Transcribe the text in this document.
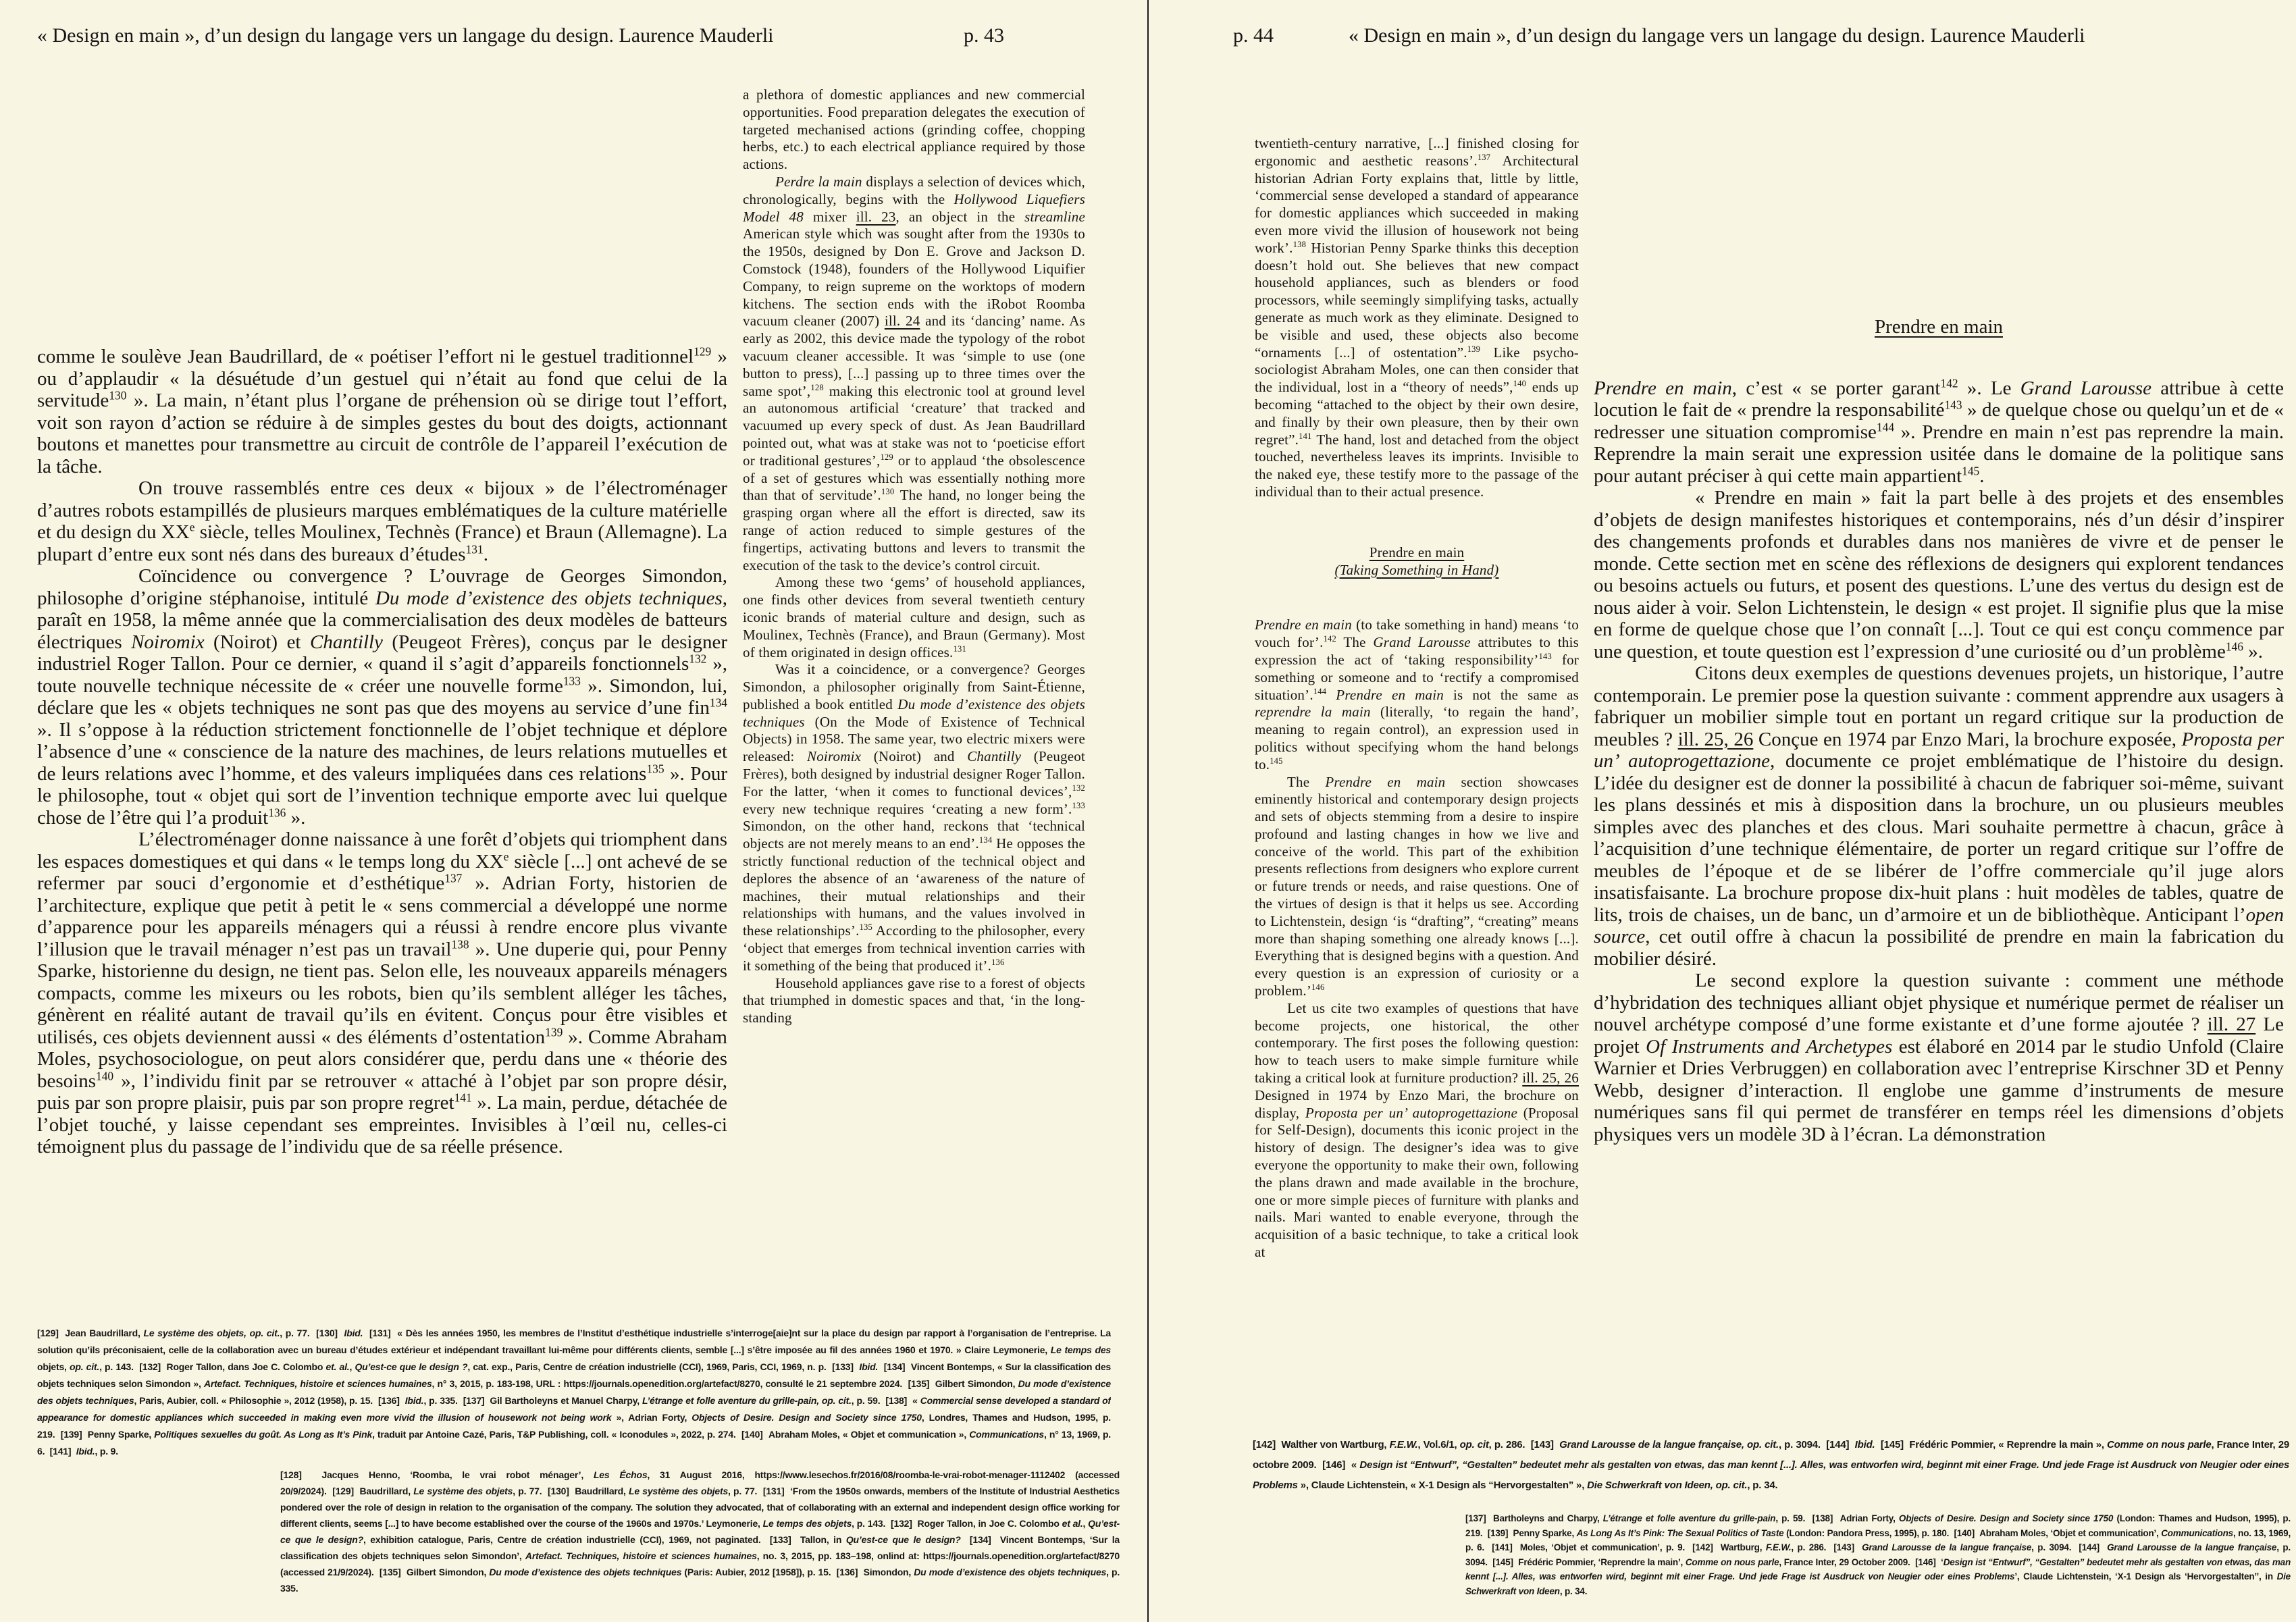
« Design en main », d’un design du langage vers un langage du design. Laurence Mauderli	p. 43

comme le soulève Jean Baudrillard, de « poétiser l’effort ni le gestuel traditionnel$^{129}$ » ou d’applaudir « la désuétude d’un gestuel qui n’était au fond que celui de la servitude$^{130}$ ». La main, n’étant plus l’organe de préhension où se dirige tout l’effort, voit son rayon d’action se réduire à de simples gestes du bout des doigts, actionnant boutons et manettes pour transmettre au circuit de contrôle de l’appareil l’exécution de la tâche.

On trouve rassemblés entre ces deux « bijoux » de l’électroménager d’autres robots estampillés de plusieurs marques emblématiques de la culture matérielle et du design du XXe siècle, telles Moulinex, Technès (France) et Braun (Allemagne). La plupart d’entre eux sont nés dans des bureaux d’études$^{131}$.

Coïncidence ou convergence ? L’ouvrage de Georges Simondon, philosophe d’origine stéphanoise, intitulé Du mode d’existence des objets techniques, paraît en 1958, la même année que la commercialisation des deux modèles de batteurs électriques Noiromix (Noirot) et Chantilly (Peugeot Frères), conçus par le designer industriel Roger Tallon. Pour ce dernier, « quand il s’agit d’appareils fonctionnels$^{132}$ », toute nouvelle technique nécessite de « créer une nouvelle forme$^{133}$ ». Simondon, lui, déclare que les « objets techniques ne sont pas que des moyens au service d’une fin$^{134}$ ». Il s’oppose à la réduction strictement fonctionnelle de l’objet technique et déplore l’absence d’une « conscience de la nature des machines, de leurs relations mutuelles et de leurs relations avec l’homme, et des valeurs impliquées dans ces relations$^{135}$ ». Pour le philosophe, tout « objet qui sort de l’invention technique emporte avec lui quelque chose de l’être qui l’a produit$^{136}$ ».

L’électroménager donne naissance à une forêt d’objets qui triomphent dans les espaces domestiques et qui dans « le temps long du XXe siècle [...] ont achevé de se refermer par souci d’ergonomie et d’esthétique$^{137}$ ». Adrian Forty, historien de l’architecture, explique que petit à petit le « sens commercial a développé une norme d’apparence pour les appareils ménagers qui a réussi à rendre encore plus vivante l’illusion que le travail ménager n’est pas un travail$^{138}$ ». Une duperie qui, pour Penny Sparke, historienne du design, ne tient pas. Selon elle, les nouveaux appareils ménagers compacts, comme les mixeurs ou les robots, bien qu’ils semblent alléger les tâches, génèrent en réalité autant de travail qu’ils en évitent. Conçus pour être visibles et utilisés, ces objets deviennent aussi « des éléments d’ostentation$^{139}$ ». Comme Abraham Moles, psychosociologue, on peut alors considérer que, perdu dans une « théorie des besoins$^{140}$ », l’individu finit par se retrouver « attaché à l’objet par son propre désir, puis par son propre plaisir, puis par son propre regret$^{141}$ ». La main, perdue, détachée de l’objet touché, y laisse cependant ses empreintes. Invisibles à l’œil nu, celles-ci témoignent plus du passage de l’individu que de sa réelle présence.

a plethora of domestic appliances and new commercial opportunities. Food preparation delegates the execution of targeted mechanised actions (grinding coffee, chopping herbs, etc.) to each electrical appliance required by those actions.

Perdre la main displays a selection of devices which, chronologically, begins with the Hollywood Liquefiers Model 48 mixer ill. 23, an object in the streamline American style which was sought after from the 1930s to the 1950s, designed by Don E. Grove and Jackson D. Comstock (1948), founders of the Hollywood Liquifier Company, to reign supreme on the worktops of modern kitchens. The section ends with the iRobot Roomba vacuum cleaner (2007) ill. 24 and its ‘dancing’ name. As early as 2002, this device made the typology of the robot vacuum cleaner accessible. It was ‘simple to use (one button to press), [...] passing up to three times over the same spot’,$^{128}$ making this electronic tool at ground level an autonomous artificial ‘creature’ that tracked and vacuumed up every speck of dust. As Jean Baudrillard pointed out, what was at stake was not to ‘poeticise effort or traditional gestures’,$^{129}$ or to applaud ‘the obsolescence of a set of gestures which was essentially nothing more than that of servitude’.$^{130}$ The hand, no longer being the grasping organ where all the effort is directed, saw its range of action reduced to simple gestures of the fingertips, activating buttons and levers to transmit the execution of the task to the device’s control circuit.

Among these two ‘gems’ of household appliances, one finds other devices from several twentieth century iconic brands of material culture and design, such as Moulinex, Technès (France), and Braun (Germany). Most of them originated in design offices.$^{131}$

Was it a coincidence, or a convergence? Georges Simondon, a philosopher originally from Saint-Étienne, published a book entitled Du mode d’existence des objets techniques (On the Mode of Existence of Technical Objects) in 1958. The same year, two electric mixers were released: Noiromix (Noirot) and Chantilly (Peugeot Frères), both designed by industrial designer Roger Tallon. For the latter, ‘when it comes to functional devices’,$^{132}$ every new technique requires ‘creating a new form’.$^{133}$ Simondon, on the other hand, reckons that ‘technical objects are not merely means to an end’.$^{134}$ He opposes the strictly functional reduction of the technical object and deplores the absence of an ‘awareness of the nature of machines, their mutual relationships and their relationships with humans, and the values involved in these relationships’.$^{135}$ According to the philosopher, every ‘object that emerges from technical invention carries with it something of the being that produced it’.$^{136}$

Household appliances gave rise to a forest of objects that triumphed in domestic spaces and that, ‘in the long-standing

[129]  Jean Baudrillard, Le système des objets, op. cit., p. 77.  [130]  Ibid.  [131]  « Dès les années 1950, les membres de l’Institut d’esthétique industrielle s’interroge[aie]nt sur la place du design par rapport à l’organisation de l’entreprise. La solution qu’ils préconisaient, celle de la collaboration avec un bureau d’études extérieur et indépendant travaillant lui-même pour différents clients, semble [...] s’être imposée au fil des années 1960 et 1970. » Claire Leymonerie, Le temps des objets, op. cit., p. 143.  [132]  Roger Tallon, dans Joe C. Colombo et. al., Qu’est-ce que le design ?, cat. exp., Paris, Centre de création industrielle (CCI), 1969, Paris, CCI, 1969, n. p.  [133]  Ibid.  [134]  Vincent Bontemps, « Sur la classification des objets techniques selon Simondon », Artefact. Techniques, histoire et sciences humaines, n° 3, 2015, p. 183-198, URL : https://journals.openedition.org/artefact/8270, consulté le 21 septembre 2024.  [135]  Gilbert Simondon, Du mode d’existence des objets techniques, Paris, Aubier, coll. « Philosophie », 2012 (1958), p. 15.  [136]  Ibid., p. 335.  [137]  Gil Bartholeyns et Manuel Charpy, L’étrange et folle aventure du grille-pain, op. cit., p. 59.  [138]  « Commercial sense developed a standard of appearance for domestic appliances which succeeded in making even more vivid the illusion of housework not being work », Adrian Forty, Objects of Desire. Design and Society since 1750, Londres, Thames and Hudson, 1995, p. 219.  [139]  Penny Sparke, Politiques sexuelles du goût. As Long as It’s Pink, traduit par Antoine Cazé, Paris, T&P Publishing, coll. « Iconodules », 2022, p. 274.  [140]  Abraham Moles, « Objet et communication », Communications, n° 13, 1969, p. 6.  [141]  Ibid., p. 9.
[128]  Jacques Henno, ‘Roomba, le vrai robot ménager’, Les Échos, 31 August 2016, https://www.lesechos.fr/2016/08/roomba-le-vrai-robot-menager-1112402 (accessed 20/9/2024).  [129]  Baudrillard, Le système des objets, p. 77.  [130]  Baudrillard, Le système des objets, p. 77.  [131]  ‘From the 1950s onwards, members of the Institute of Industrial Aesthetics pondered over the role of design in relation to the organisation of the company. The solution they advocated, that of collaborating with an external and independent design office working for different clients, seems [...] to have become established over the course of the 1960s and 1970s.’ Leymonerie, Le temps des objets, p. 143.  [132]  Roger Tallon, in Joe C. Colombo et al., Qu’est-ce que le design?, exhibition catalogue, Paris, Centre de création industrielle (CCI), 1969, not paginated.  [133]  Tallon, in Qu’est-ce que le design?  [134]  Vincent Bontemps, ‘Sur la classification des objets techniques selon Simondon’, Artefact. Techniques, histoire et sciences humaines, no. 3, 2015, pp. 183–198, onlind at: https://journals.openedition.org/artefact/8270 (accessed 21/9/2024).  [135]  Gilbert Simondon, Du mode d’existence des objets techniques (Paris: Aubier, 2012 [1958]), p. 15.  [136]  Simondon, Du mode d’existence des objets techniques, p. 335.
p. 44	« Design en main », d’un design du langage vers un langage du design. Laurence Mauderli

twentieth-century narrative, [...] finished closing for ergonomic and aesthetic reasons’.$^{137}$ Architectural historian Adrian Forty explains that, little by little, ‘commercial sense developed a standard of appearance for domestic appliances which succeeded in making even more vivid the illusion of housework not being work’.$^{138}$ Historian Penny Sparke thinks this deception doesn’t hold out. She believes that new compact household appliances, such as blenders or food processors, while seemingly simplifying tasks, actually generate as much work as they eliminate. Designed to be visible and used, these objects also become “ornaments [...] of ostentation”.$^{139}$ Like psycho-sociologist Abraham Moles, one can then consider that the individual, lost in a “theory of needs”,$^{140}$ ends up becoming “attached to the object by their own desire, and finally by their own pleasure, then by their own regret”.$^{141}$ The hand, lost and detached from the object touched, nevertheless leaves its imprints. Invisible to the naked eye, these testify more to the passage of the individual than to their actual presence.

Prendre en main
(Taking Something in Hand)

Prendre en main (to take something in hand) means ‘to vouch for’.$^{142}$ The Grand Larousse attributes to this expression the act of ‘taking responsibility’$^{143}$ for something or someone and to ‘rectify a compromised situation’.$^{144}$ Prendre en main is not the same as reprendre la main (literally, ‘to regain the hand’, meaning to regain control), an expression used in politics without specifying whom the hand belongs to.$^{145}$

The Prendre en main section showcases eminently historical and contemporary design projects and sets of objects stemming from a desire to inspire profound and lasting changes in how we live and conceive of the world. This part of the exhibition presents reflections from designers who explore current or future trends or needs, and raise questions. One of the virtues of design is that it helps us see. According to Lichtenstein, design ‘is “drafting”, “creating” means more than shaping something one already knows [...]. Everything that is designed begins with a question. And every question is an expression of curiosity or a problem.’$^{146}$

Let us cite two examples of questions that have become projects, one historical, the other contemporary. The first poses the following question: how to teach users to make simple furniture while taking a critical look at furniture production? ill. 25, 26 Designed in 1974 by Enzo Mari, the brochure on display, Proposta per un’ autoprogettazione (Proposal for Self-Design), documents this iconic project in the history of design. The designer’s idea was to give everyone the opportunity to make their own, following the plans drawn and made available in the brochure, one or more simple pieces of furniture with planks and nails. Mari wanted to enable everyone, through the acquisition of a basic technique, to take a critical look at

Prendre en main

Prendre en main, c’est « se porter garant$^{142}$ ». Le Grand Larousse attribue à cette locution le fait de « prendre la responsabilité$^{143}$ » de quelque chose ou quelqu’un et de « redresser une situation compromise$^{144}$ ». Prendre en main n’est pas reprendre la main. Reprendre la main serait une expression usitée dans le domaine de la politique sans pour autant préciser à qui cette main appartient$^{145}$.

« Prendre en main » fait la part belle à des projets et des ensembles d’objets de design manifestes historiques et contemporains, nés d’un désir d’inspirer des changements profonds et durables dans nos manières de vivre et de penser le monde. Cette section met en scène des réflexions de designers qui explorent tendances ou besoins actuels ou futurs, et posent des questions. L’une des vertus du design est de nous aider à voir. Selon Lichtenstein, le design « est projet. Il signifie plus que la mise en forme de quelque chose que l’on connaît [...]. Tout ce qui est conçu commence par une question, et toute question est l’expression d’une curiosité ou d’un problème$^{146}$ ».

Citons deux exemples de questions devenues projets, un historique, l’autre contemporain. Le premier pose la question suivante : comment apprendre aux usagers à fabriquer un mobilier simple tout en portant un regard critique sur la production de meubles ? ill. 25, 26 Conçue en 1974 par Enzo Mari, la brochure exposée, Proposta per un’ autoprogettazione, documente ce projet emblématique de l’histoire du design. L’idée du designer est de donner la possibilité à chacun de fabriquer soi-même, suivant les plans dessinés et mis à disposition dans la brochure, un ou plusieurs meubles simples avec des planches et des clous. Mari souhaite permettre à chacun, grâce à l’acquisition d’une technique élémentaire, de porter un regard critique sur l’offre de meubles de l’époque et de se libérer de l’offre commerciale qu’il juge alors insatisfaisante. La brochure propose dix-huit plans : huit modèles de tables, quatre de lits, trois de chaises, un de banc, un d’armoire et un de bibliothèque. Anticipant l’open source, cet outil offre à chacun la possibilité de prendre en main la fabrication du mobilier désiré.

Le second explore la question suivante : comment une méthode d’hybridation des techniques alliant objet physique et numérique permet de réaliser un nouvel archétype composé d’une forme existante et d’une forme ajoutée ? ill. 27 Le projet Of Instruments and Archetypes est élaboré en 2014 par le studio Unfold (Claire Warnier et Dries Verbruggen) en collaboration avec l’entreprise Kirschner 3D et Penny Webb, designer d’interaction. Il englobe une gamme d’instruments de mesure numériques sans fil qui permet de transférer en temps réel les dimensions d’objets physiques vers un modèle 3D à l’écran. La démonstration

[142]  Walther von Wartburg, F.E.W., Vol.6/1, op. cit, p. 286.  [143]  Grand Larousse de la langue française, op. cit., p. 3094.  [144]  Ibid.  [145]  Frédéric Pommier, « Reprendre la main », Comme on nous parle, France Inter, 29 octobre 2009.  [146]  « Design ist “Entwurf”, “Gestalten” bedeutet mehr als gestalten von etwas, das man kennt [...]. Alles, was entworfen wird, beginnt mit einer Frage. Und jede Frage ist Ausdruck von Neugier oder eines Problems », Claude Lichtenstein, « X-1 Design als “Hervorgestalten” », Die Schwerkraft von Ideen, op. cit., p. 34.
[137]  Bartholeyns and Charpy, L’étrange et folle aventure du grille-pain, p. 59.  [138]  Adrian Forty, Objects of Desire. Design and Society since 1750 (London: Thames and Hudson, 1995), p. 219.  [139]  Penny Sparke, As Long As It’s Pink: The Sexual Politics of Taste (London: Pandora Press, 1995), p. 180.  [140]  Abraham Moles, ‘Objet et communication’, Communications, no. 13, 1969, p. 6.  [141]  Moles, ‘Objet et communication’, p. 9.  [142]  Wartburg, F.E.W., p. 286.  [143]  Grand Larousse de la langue française, p. 3094.  [144]  Grand Larousse de la langue française, p. 3094.  [145]  Frédéric Pommier, ‘Reprendre la main’, Comme on nous parle, France Inter, 29 October 2009.  [146]  ‘Design ist “Entwurf”, “Gestalten” bedeutet mehr als gestalten von etwas, das man kennt [...]. Alles, was entworfen wird, beginnt mit einer Frage. Und jede Frage ist Ausdruck von Neugier oder eines Problems’, Claude Lichtenstein, ‘X-1 Design als ‘Hervorgestalten’’, in Die Schwerkraft von Ideen, p. 34.
